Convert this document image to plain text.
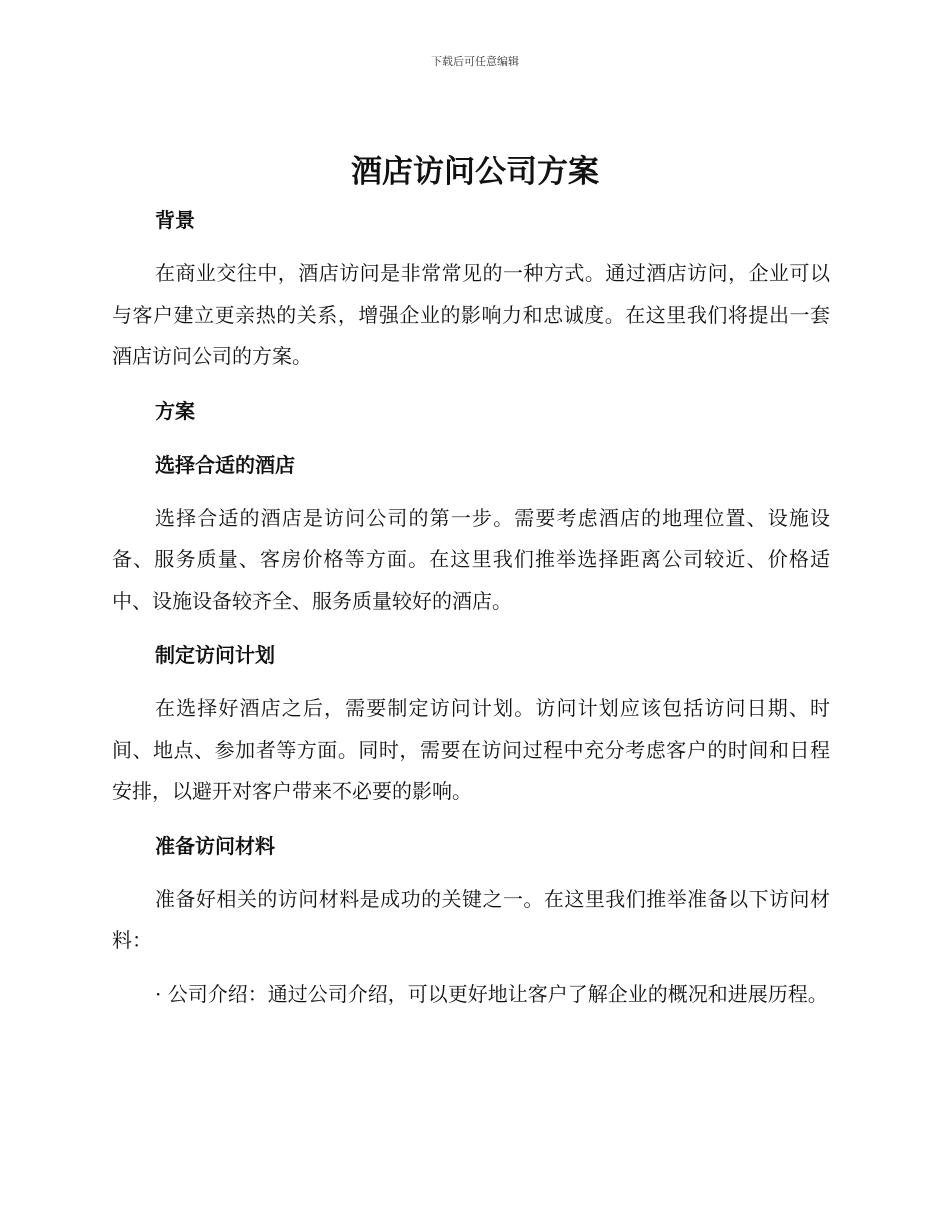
下载后可任意编辑
酒店访问公司方案

背景

在商业交往中，酒店访问是非常常见的一种方式。通过酒店访问，企业可以与客户建立更亲热的关系，增强企业的影响力和忠诚度。在这里我们将提出一套酒店访问公司的方案。

方案

选择合适的酒店

选择合适的酒店是访问公司的第一步。需要考虑酒店的地理位置、设施设备、服务质量、客房价格等方面。在这里我们推举选择距离公司较近、价格适中、设施设备较齐全、服务质量较好的酒店。

制定访问计划

在选择好酒店之后，需要制定访问计划。访问计划应该包括访问日期、时间、地点、参加者等方面。同时，需要在访问过程中充分考虑客户的时间和日程安排，以避开对客户带来不必要的影响。

准备访问材料

准备好相关的访问材料是成功的关键之一。在这里我们推举准备以下访问材料：

· 公司介绍：通过公司介绍，可以更好地让客户了解企业的概况和进展历程。
